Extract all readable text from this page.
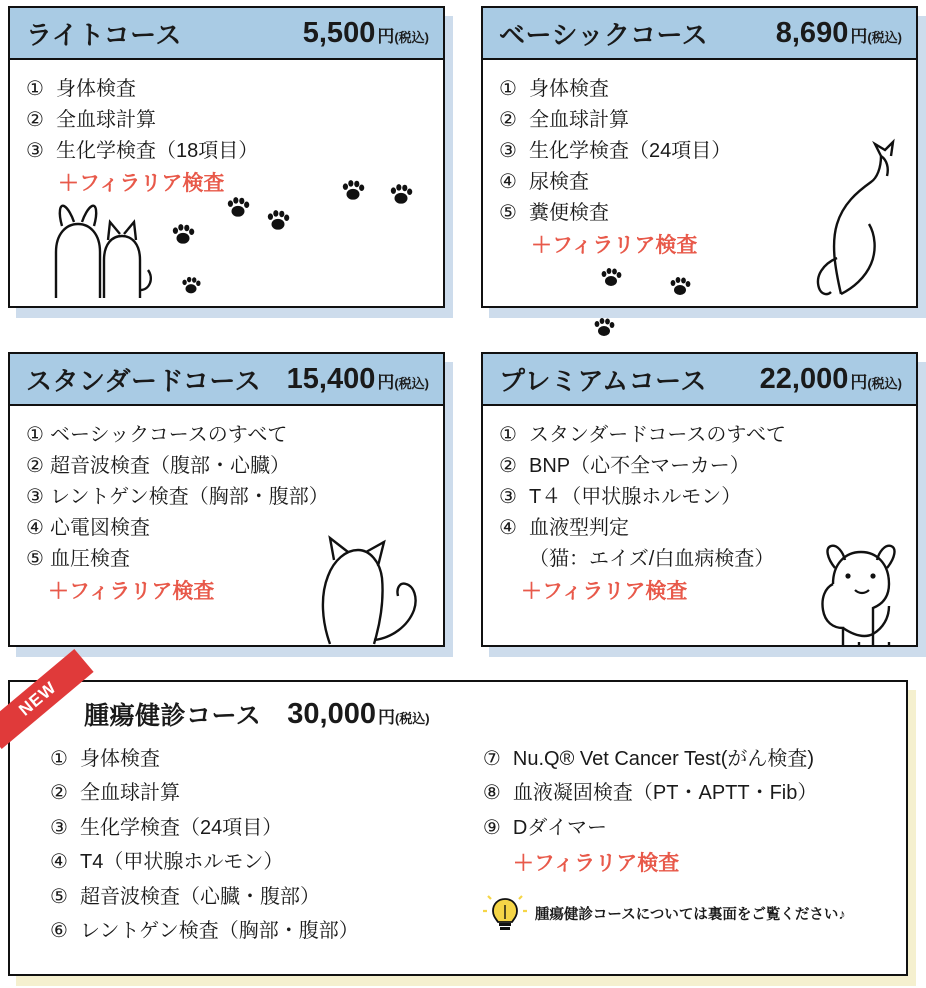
ライトコース	5,500 円 (税込)
① 身体検査
② 全血球計算
③ 生化学検査（18項目）
＋フィラリア検査
ベーシックコース 8,690 円 (税込)
① 身体検査
② 全血球計算
③ 生化学検査（24項目）
④ 尿検査
⑤ 糞便検査
＋フィラリア検査
スタンダードコース 15,400 円 (税込)
① ベーシックコースのすべて
② 超音波検査（腹部・心臓）
③ レントゲン検査（胸部・腹部）
④ 心電図検査
⑤ 血圧検査
＋フィラリア検査
プレミアムコース 22,000 円 (税込)
① スタンダードコースのすべて
② BNP（心不全マーカー）
③ T４（甲状腺ホルモン）
④ 血液型判定
（猫：エイズ/白血病検査）
＋フィラリア検査
NEW 腫瘍健診コース 30,000 円 (税込)
① 身体検査
② 全血球計算
③ 生化学検査（24項目）
④ T4（甲状腺ホルモン）
⑤ 超音波検査（心臓・腹部）
⑥ レントゲン検査（胸部・腹部）
⑦ Nu.Q® Vet Cancer Test(がん検査)
⑧ 血液凝固検査（PT・APTT・Fib）
⑨ Dダイマー
＋フィラリア検査
腫瘍健診コースについては裏面をご覧ください♪
